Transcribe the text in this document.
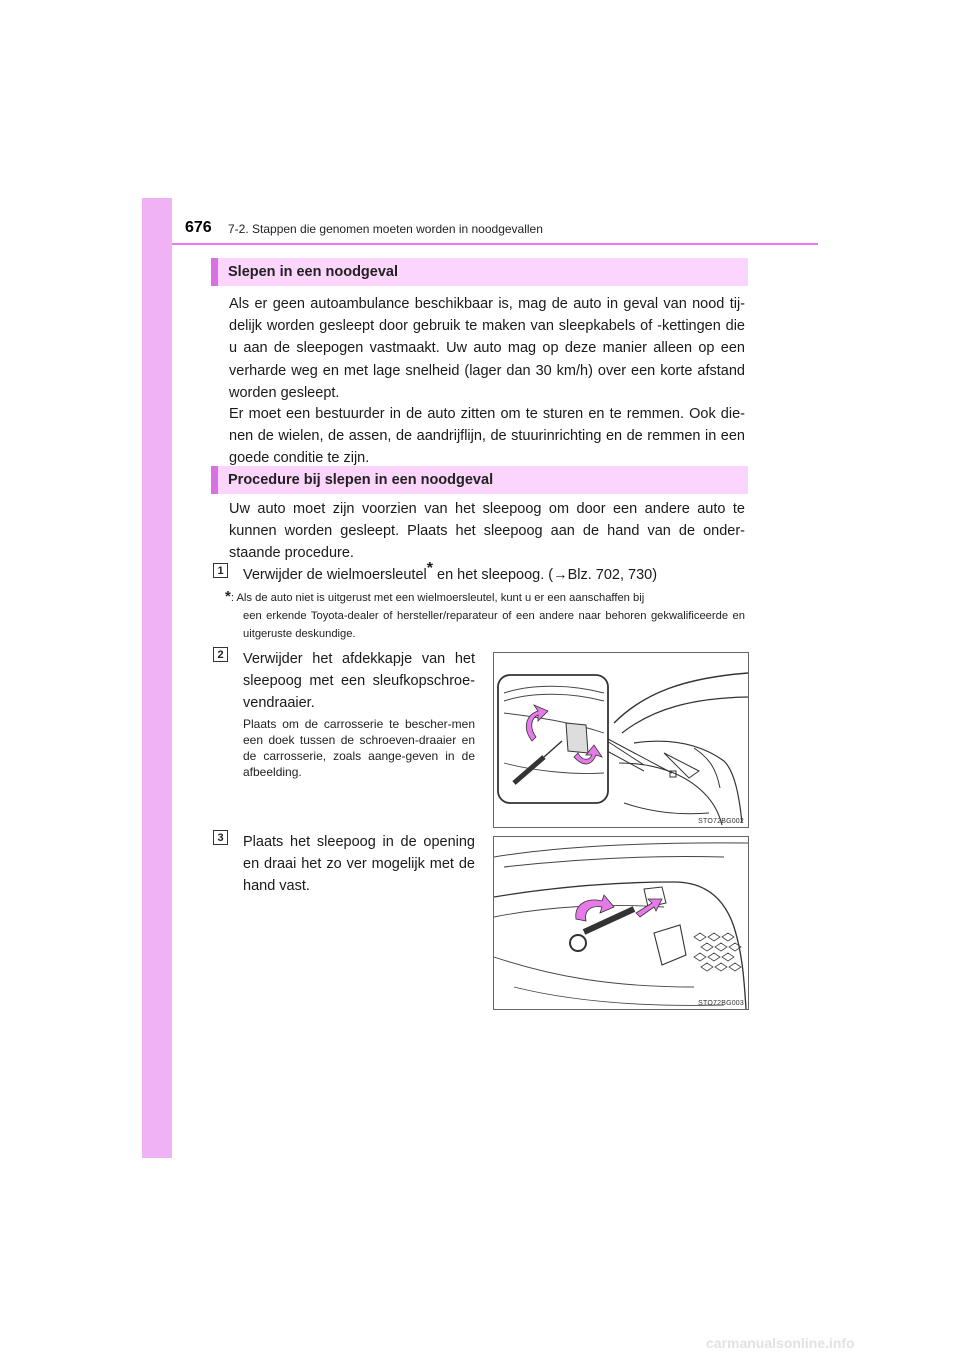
676 7-2. Stappen die genomen moeten worden in noodgevallen
Slepen in een noodgeval
Als er geen autoambulance beschikbaar is, mag de auto in geval van nood tij-delijk worden gesleept door gebruik te maken van sleepkabels of -kettingen die u aan de sleepogen vastmaakt. Uw auto mag op deze manier alleen op een verharde weg en met lage snelheid (lager dan 30 km/h) over een korte afstand worden gesleept.
Er moet een bestuurder in de auto zitten om te sturen en te remmen. Ook die-nen de wielen, de assen, de aandrijflijn, de stuurinrichting en de remmen in een goede conditie te zijn.
Procedure bij slepen in een noodgeval
Uw auto moet zijn voorzien van het sleepoog om door een andere auto te kunnen worden gesleept. Plaats het sleepoog aan de hand van de onder-staande procedure.
1	Verwijder de wielmoersleutel* en het sleepoog. (→Blz. 702, 730)
*: Als de auto niet is uitgerust met een wielmoersleutel, kunt u er een aanschaffen bij
een erkende Toyota-dealer of hersteller/reparateur of een andere naar behoren gekwalificeerde en uitgeruste deskundige.
2	Verwijder het afdekkapje van het
sleepoog met een sleufkopschroe-
vendraaier.
Plaats om de carrosserie te bescher-men een doek tussen de schroeven-draaier en de carrosserie, zoals aange-geven in de afbeelding.
STO72BG002
3	Plaats het sleepoog in de opening
en draai het zo ver mogelijk met de
hand vast.
STO72BG003
carmanualsonline.info
